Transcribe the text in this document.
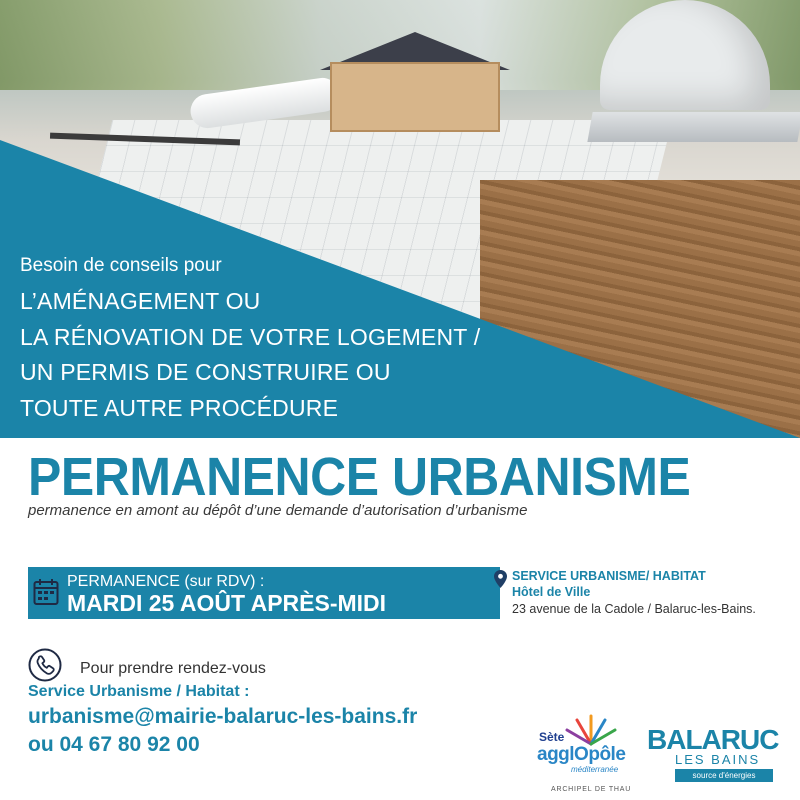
Besoin de conseils pour
L’AMÉNAGEMENT OU
LA RÉNOVATION DE VOTRE LOGEMENT /
UN PERMIS DE CONSTRUIRE OU
TOUTE AUTRE PROCÉDURE
PERMANENCE URBANISME
permanence en amont au dépôt d’une demande d’autorisation d’urbanisme
PERMANENCE (sur RDV) :
MARDI 25 AOÛT APRÈS-MIDI
SERVICE URBANISME/ HABITAT
Hôtel de Ville
23 avenue de la Cadole / Balaruc-les-Bains.
Pour prendre rendez-vous
Service Urbanisme / Habitat :
urbanisme@mairie-balaruc-les-bains.fr
ou 04 67 80 92 00	Sète
agglOpôle
méditerranée
ARCHIPEL DE THAU
BALARUC
LES BAINS
source d'énergies
